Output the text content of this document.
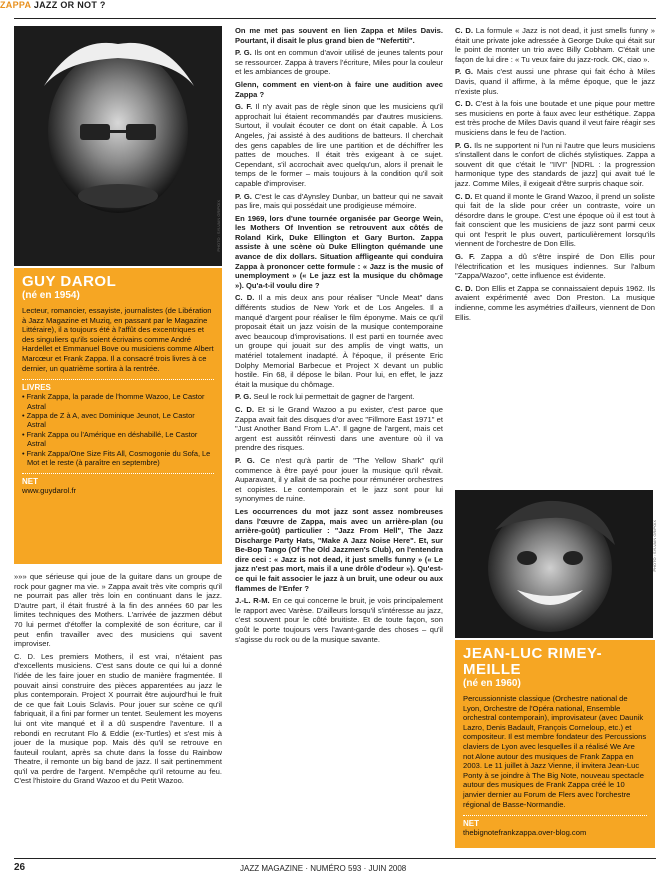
ZAPPA JAZZ OR NOT ?
PHOTO : SYLVAIN GRIPOIX
GUY DAROL
(né en 1954)
Lecteur, romancier, essayiste, journalistes (de Libération à Jazz Magazine et Muziq, en passant par le Magazine Littéraire), il a toujours été à l'affût des excentriques et des singuliers qu'ils soient écrivains comme André Hardellet et Emmanuel Bove ou musiciens comme Albert Marcœur et Frank Zappa. Il a consacré trois livres à ce dernier, un quatrième sortira à la rentrée.
LIVRES
• Frank Zappa, la parade de l'homme Wazoo, Le Castor Astral
• Zappa de Z à A, avec Dominique Jeunot, Le Castor Astral
• Frank Zappa ou l'Amérique en déshabillé, Le Castor Astral
• Frank Zappa/One Size Fits All, Cosmogonie du Sofa, Le Mot et le reste (à paraître en septembre)
NET
www.guydarol.fr

»»» que sérieuse qui joue de la guitare dans un groupe de rock pour gagner ma vie. » Zappa avait très vite compris qu'il ne pourrait pas aller très loin en continuant dans le jazz. D'autre part, il était frustré à la fin des années 60 par les limites techniques des Mothers. L'arrivée de jazzmen début 70 lui permet d'étoffer la complexité de son écriture, car il peut enfin travailler avec des musiciens qui savent improviser.

C. D. Les premiers Mothers, il est vrai, n'étaient pas d'excellents musiciens. C'est sans doute ce qui lui a donné l'idée de les faire jouer en studio de manière fragmentée. Il pouvait ainsi construire des pièces apparentées au jazz le plus contemporain. Project X pourrait être aujourd'hui le fruit de ce que fait Louis Sclavis. Pour jouer sur scène ce qu'il fabriquait, il a fini par former un tentet. Seulement les moyens lui ont vite manqué et il a dû suspendre l'aventure. Il a rebondi en recrutant Flo & Eddie (ex-Turtles) et s'est mis à jouer de la musique pop. Mais dès qu'il se retrouve en fauteuil roulant, après sa chute dans la fosse du Rainbow Theatre, il remonte un big band de jazz. Il sait pertinemment qu'il va perdre de l'argent. N'empêche qu'il retourne au feu. C'est l'histoire du Grand Wazoo et du Petit Wazoo.

On me met pas souvent en lien Zappa et Miles Davis. Pourtant, il disait le plus grand bien de "Nefertiti".

P. G. Ils ont en commun d'avoir utilisé de jeunes talents pour se ressourcer. Zappa à travers l'écriture, Miles pour la couleur et les ambiances de groupe.

Glenn, comment en vient-on à faire une audition avec Zappa ?

G. F. Il n'y avait pas de règle sinon que les musiciens qu'il approchait lui étaient recommandés par d'autres musiciens. Surtout, il voulait écouter ce dont on était capable. À Los Angeles, j'ai assisté à des auditions de batteurs. Il cherchait des gens capables de lire une partition et de déchiffrer les pattes de mouches. Il était très exigeant à ce sujet. Cependant, s'il accrochait avec quelqu'un, alors il prenait le temps de le former – mais toujours à la condition qu'il soit capable d'improviser.

P. G. C'est le cas d'Aynsley Dunbar, un batteur qui ne savait pas lire, mais qui possédait une prodigieuse mémoire.

En 1969, lors d'une tournée organisée par George Wein, les Mothers Of Invention se retrouvent aux côtés de Roland Kirk, Duke Ellington et Gary Burton. Zappa assiste à une scène où Duke Ellington quémande une avance de dix dollars. Situation affligeante qui conduira Zappa à prononcer cette formule : « Jazz is the music of unemployment » (« Le jazz est la musique du chômage »). Qu'a-t-il voulu dire ?

C. D. Il a mis deux ans pour réaliser "Uncle Meat" dans différents studios de New York et de Los Angeles. Il a manqué d'argent pour réaliser le film éponyme. Mais ce qu'il proposait était un jazz voisin de la musique contemporaine avec beaucoup d'improvisations. Il est parti en tournée avec un groupe qui jouait sur des amplis de vingt watts, un matériel totalement inadapté. À l'époque, il présente Eric Dolphy Memorial Barbecue et Project X devant un public hostile. Fin 68, il dépose le bilan. Pour lui, en effet, le jazz était la musique du chômage.

P. G. Seul le rock lui permettait de gagner de l'argent.

C. D. Et si le Grand Wazoo a pu exister, c'est parce que Zappa avait fait des disques d'or avec "Fillmore East 1971" et "Just Another Band From L.A". Il gagne de l'argent, mais cet argent est aussitôt réinvesti dans une aventure où il va prendre des risques.

P. G. Ce n'est qu'à partir de "The Yellow Shark" qu'il commence à être payé pour jouer la musique qu'il rêvait. Auparavant, il y allait de sa poche pour rémunérer orchestres et copistes. Le contemporain et le jazz sont pour lui synonymes de ruine.

Les occurrences du mot jazz sont assez nombreuses dans l'œuvre de Zappa, mais avec un arrière-plan (ou arrière-goût) particulier : "Jazz From Hell", The Jazz Discharge Party Hats, "Make A Jazz Noise Here". Et, sur Be-Bop Tango (Of The Old Jazzmen's Club), on l'entendra dire ceci : « Jazz is not dead, it just smells funny » (« Le jazz n'est pas mort, mais il a une drôle d'odeur »). Qu'est-ce qui le fait associer le jazz à un bruit, une odeur ou aux flammes de l'Enfer ?

J.-L. R-M. En ce qui concerne le bruit, je vois principalement le rapport avec Varèse. D'ailleurs lorsqu'il s'intéresse au jazz, c'est souvent pour le côté bruitiste. Et de toute façon, son goût le porte toujours vers l'avant-garde des choses – qu'il s'agisse du rock ou de la musique savante.

C. D. La formule « Jazz is not dead, it just smells funny » était une private joke adressée à George Duke qui était sur le point de monter un trio avec Billy Cobham. C'était une façon de lui dire : « Tu veux faire du jazz-rock. OK, ciao ».

P. G. Mais c'est aussi une phrase qui fait écho à Miles Davis, quand il affirme, à la même époque, que le jazz n'existe plus.

C. D. C'est à la fois une boutade et une pique pour mettre ses musiciens en porte à faux avec leur esthétique. Zappa est très proche de Miles Davis quand il veut faire réagir ses musiciens dans le feu de l'action.

P. G. Ils ne supportent ni l'un ni l'autre que leurs musiciens s'installent dans le confort de clichés stylistiques. Zappa a souvent dit que c'était le "IIVI" [NDRL : la progression harmonique type des standards de jazz] qui avait tué le jazz. Comme Miles, il exigeait d'être surpris chaque soir.

C. D. Et quand il monte le Grand Wazoo, il prend un soliste qui fait de la slide pour créer un contraste, voire un désordre dans le groupe. C'est une époque où il est tout à fait conscient que les musiciens de jazz sont parmi ceux qui ont l'esprit le plus ouvert, particulièrement lorsqu'ils viennent de l'orchestre de Don Ellis.

G. F. Zappa a dû s'être inspiré de Don Ellis pour l'électrification et les musiques indiennes. Sur l'album "Zappa/Wazoo", cette influence est évidente.

C. D. Don Ellis et Zappa se connaissaient depuis 1962. Ils avaient expérimenté avec Don Preston. La musique indienne, comme les asymétries d'ailleurs, viennent de Don Ellis.

PHOTO : SYLVAIN GRIPOIX
JEAN-LUC RIMEY-MEILLE
(né en 1960)
Percussionniste classique (Orchestre national de Lyon, Orchestre de l'Opéra national, Ensemble orchestral contemporain), improvisateur (avec Daunik Lazro, Denis Badault, François Corneloup, etc.) et compositeur. Il est membre fondateur des Percussions claviers de Lyon avec lesquelles il a réalisé We Are not Alone autour des musiques de Frank Zappa en 2003. Le 11 juillet à Jazz Vienne, il invitera Jean-Luc Ponty à se joindre à The Big Note, nouveau spectacle autour des musiques de Frank Zappa créé le 10 janvier dernier au Forum de Flers avec l'orchestre régional de Basse-Normandie.
NET
thebignotefrankzappa.over-blog.com
26	JAZZ MAGAZINE · NUMÉRO 593 · JUIN 2008
